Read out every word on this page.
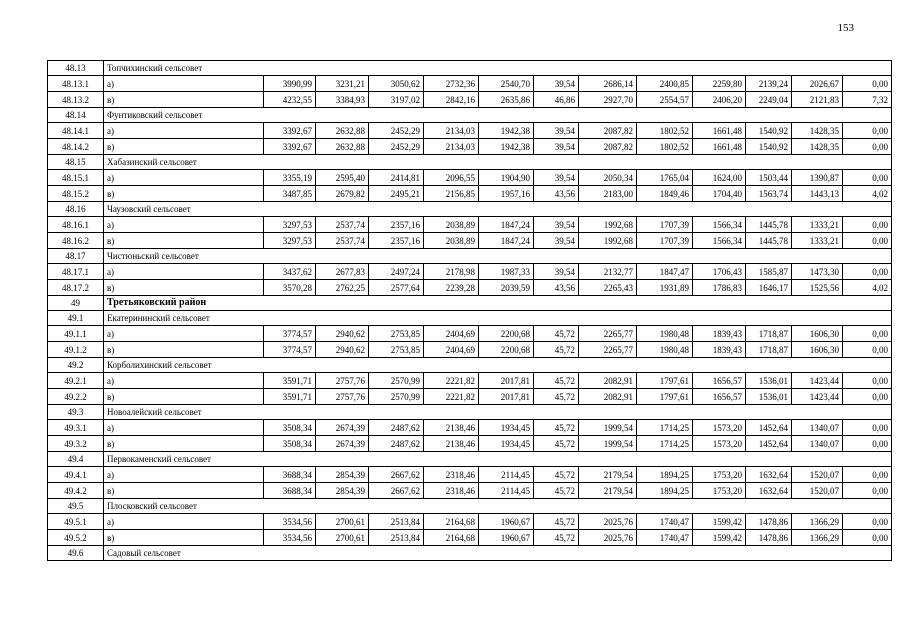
153
48.13	Топчихинский сельсовет												
48.13.1	а)	3990,99	3231,21	3050,62	2732,36	2540,70	39,54	2686,14	2400,85	2259,80	2139,24	2026,67	0,00
48.13.2	в)	4232,55	3384,93	3197,02	2842,16	2635,86	46,86	2927,70	2554,57	2406,20	2249,04	2121,83	7,32
48.14	Фунтиковский сельсовет												
48.14.1	а)	3392,67	2632,88	2452,29	2134,03	1942,38	39,54	2087,82	1802,52	1661,48	1540,92	1428,35	0,00
48.14.2	в)	3392,67	2632,88	2452,29	2134,03	1942,38	39,54	2087,82	1802,52	1661,48	1540,92	1428,35	0,00
48.15	Хабазинский сельсовет												
48.15.1	а)	3355,19	2595,40	2414,81	2096,55	1904,90	39,54	2050,34	1765,04	1624,00	1503,44	1390,87	0,00
48.15.2	в)	3487,85	2679,82	2495,21	2156,85	1957,16	43,56	2183,00	1849,46	1704,40	1563,74	1443,13	4,02
48.16	Чаузовский сельсовет												
48.16.1	а)	3297,53	2537,74	2357,16	2038,89	1847,24	39,54	1992,68	1707,39	1566,34	1445,78	1333,21	0,00
48.16.2	в)	3297,53	2537,74	2357,16	2038,89	1847,24	39,54	1992,68	1707,39	1566,34	1445,78	1333,21	0,00
48.17	Чистюньский сельсовет												
48.17.1	а)	3437,62	2677,83	2497,24	2178,98	1987,33	39,54	2132,77	1847,47	1706,43	1585,87	1473,30	0,00
48.17.2	в)	3570,28	2762,25	2577,64	2239,28	2039,59	43,56	2265,43	1931,89	1786,83	1646,17	1525,56	4,02
49	Третьяковский район												
49.1	Екатерининский сельсовет												
49.1.1	а)	3774,57	2940,62	2753,85	2404,69	2200,68	45,72	2265,77	1980,48	1839,43	1718,87	1606,30	0,00
49.1.2	в)	3774,57	2940,62	2753,85	2404,69	2200,68	45,72	2265,77	1980,48	1839,43	1718,87	1606,30	0,00
49.2	Корболихинский сельсовет												
49.2.1	а)	3591,71	2757,76	2570,99	2221,82	2017,81	45,72	2082,91	1797,61	1656,57	1536,01	1423,44	0,00
49.2.2	в)	3591,71	2757,76	2570,99	2221,82	2017,81	45,72	2082,91	1797,61	1656,57	1536,01	1423,44	0,00
49.3	Новоалейский сельсовет												
49.3.1	а)	3508,34	2674,39	2487,62	2138,46	1934,45	45,72	1999,54	1714,25	1573,20	1452,64	1340,07	0,00
49.3.2	в)	3508,34	2674,39	2487,62	2138,46	1934,45	45,72	1999,54	1714,25	1573,20	1452,64	1340,07	0,00
49.4	Первокаменский сельсовет												
49.4.1	а)	3688,34	2854,39	2667,62	2318,46	2114,45	45,72	2179,54	1894,25	1753,20	1632,64	1520,07	0,00
49.4.2	в)	3688,34	2854,39	2667,62	2318,46	2114,45	45,72	2179,54	1894,25	1753,20	1632,64	1520,07	0,00
49.5	Плосковский сельсовет												
49.5.1	а)	3534,56	2700,61	2513,84	2164,68	1960,67	45,72	2025,76	1740,47	1599,42	1478,86	1366,29	0,00
49.5.2	в)	3534,56	2700,61	2513,84	2164,68	1960,67	45,72	2025,76	1740,47	1599,42	1478,86	1366,29	0,00
49.6	Садовый сельсовет												
